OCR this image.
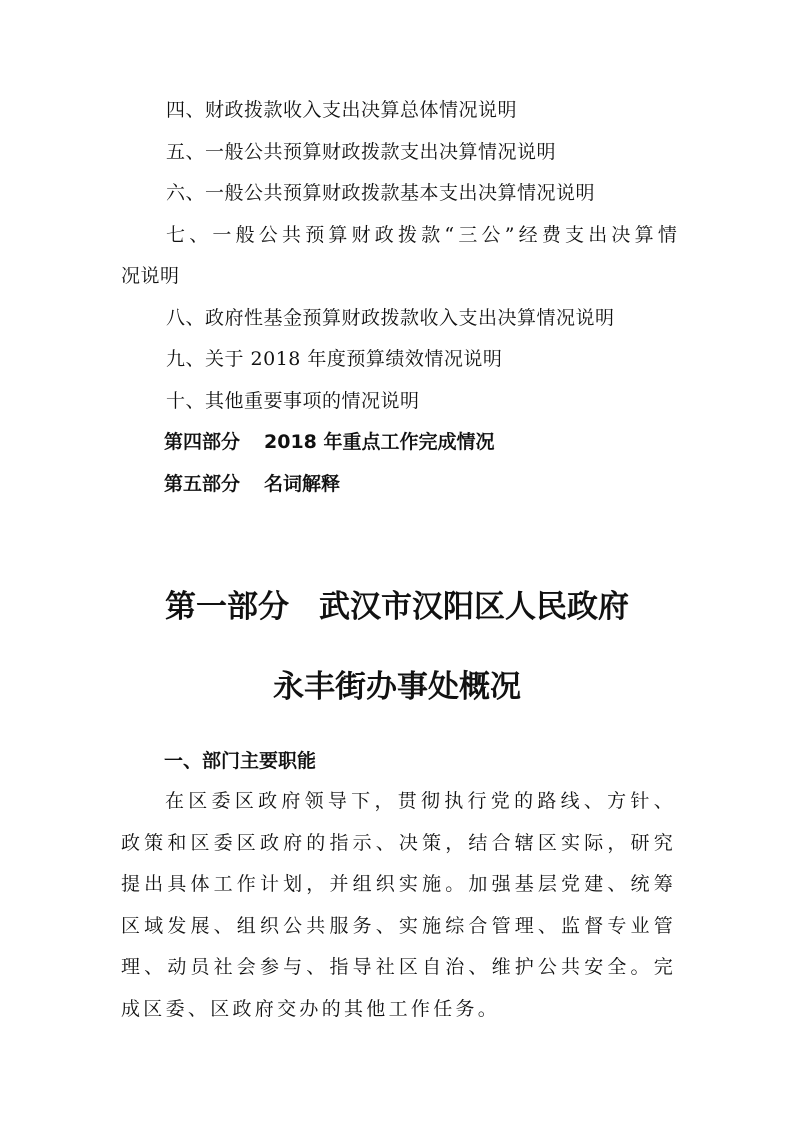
四、财政拨款收入支出决算总体情况说明
五、一般公共预算财政拨款支出决算情况说明
六、一般公共预算财政拨款基本支出决算情况说明
七、一般公共预算财政拨款“三公”经费支出决算情
况说明
八、政府性基金预算财政拨款收入支出决算情况说明
九、关于 2018 年度预算绩效情况说明
十、其他重要事项的情况说明
第四部分 2018 年重点工作完成情况
第五部分 名词解释
第一部分 武汉市汉阳区人民政府
永丰街办事处概况
一、部门主要职能
在区委区政府领导下，贯彻执行党的路线、方针、政策和区委区政府的指示、决策，结合辖区实际，研究提出具体工作计划，并组织实施。加强基层党建、统筹区域发展、组织公共服务、实施综合管理、监督专业管理、动员社会参与、指导社区自治、维护公共安全。完成区委、区政府交办的其他工作任务。
